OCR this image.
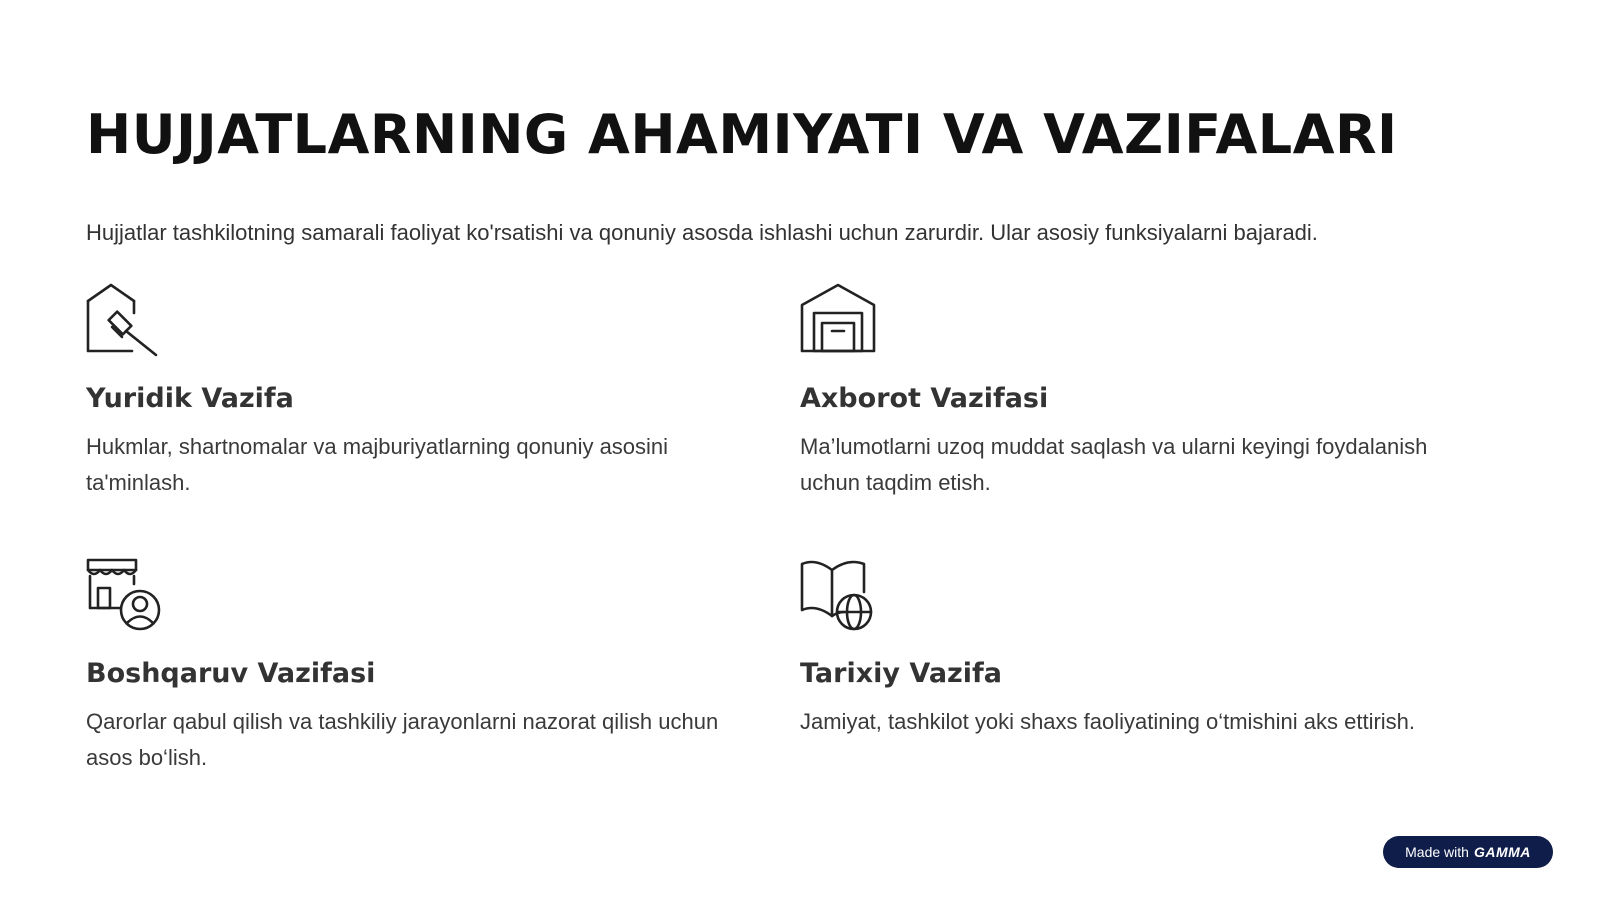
HUJJATLARNING AHAMIYATI VA VAZIFALARI

Hujjatlar tashkilotning samarali faoliyat ko'rsatishi va qonuniy asosda ishlashi uchun zarurdir. Ular asosiy funksiyalarni bajaradi.

Yuridik Vazifa

Hukmlar, shartnomalar va majburiyatlarning qonuniy asosini ta'minlash.

Axborot Vazifasi

Ma’lumotlarni uzoq muddat saqlash va ularni keyingi foydalanish uchun taqdim etish.

Boshqaruv Vazifasi

Qarorlar qabul qilish va tashkiliy jarayonlarni nazorat qilish uchun asos bo‘lish.

Tarixiy Vazifa

Jamiyat, tashkilot yoki shaxs faoliyatining o‘tmishini aks ettirish.

Made with GAMMA
